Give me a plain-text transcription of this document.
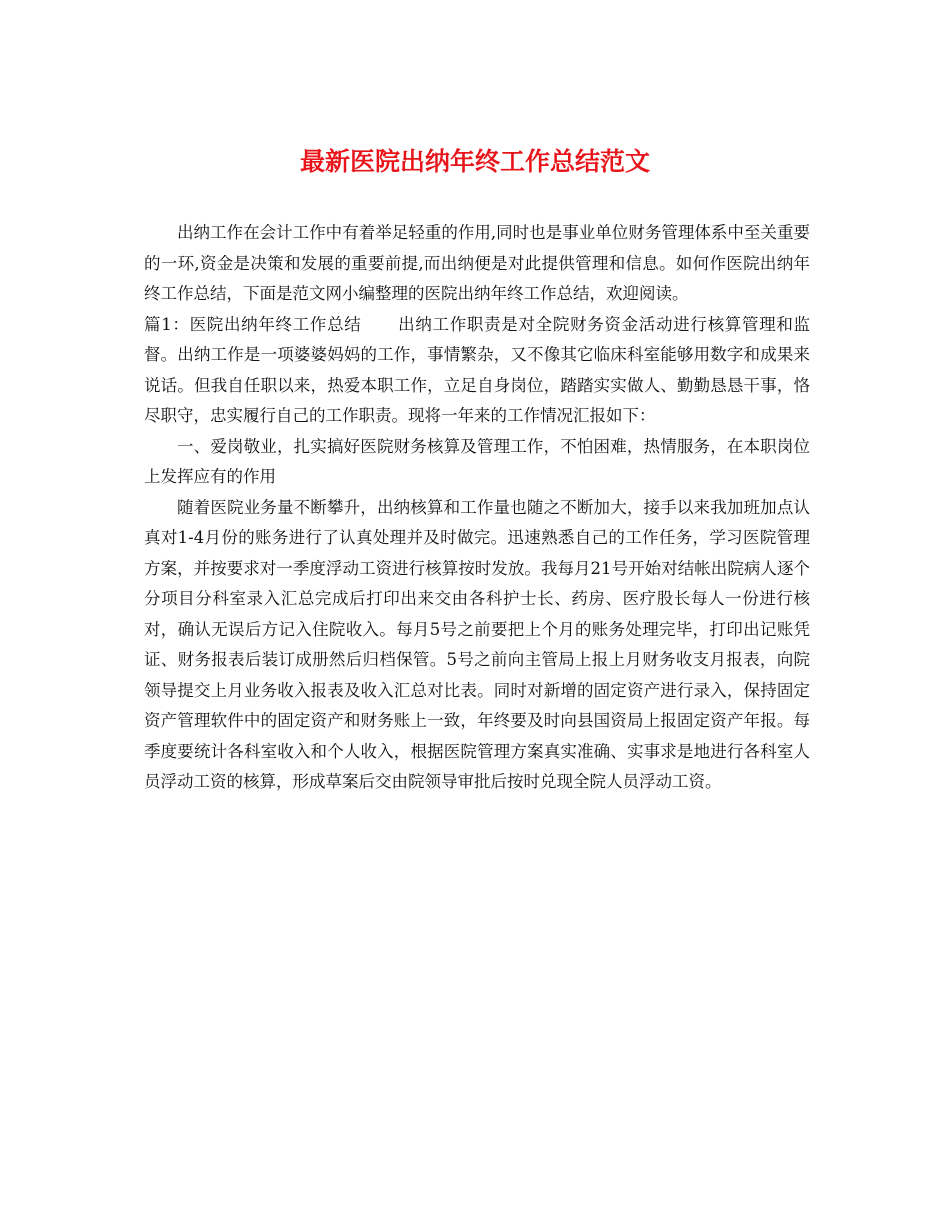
最新医院出纳年终工作总结范文

出纳工作在会计工作中有着举足轻重的作用,同时也是事业单位财务管理体系中至关重要的一环,资金是决策和发展的重要前提,而出纳便是对此提供管理和信息。如何作医院出纳年终工作总结，下面是范文网小编整理的医院出纳年终工作总结，欢迎阅读。

篇1：医院出纳年终工作总结 出纳工作职责是对全院财务资金活动进行核算管理和监督。出纳工作是一项婆婆妈妈的工作，事情繁杂，又不像其它临床科室能够用数字和成果来说话。但我自任职以来，热爱本职工作，立足自身岗位，踏踏实实做人、勤勤恳恳干事，恪尽职守，忠实履行自己的工作职责。现将一年来的工作情况汇报如下：

一、爱岗敬业，扎实搞好医院财务核算及管理工作，不怕困难，热情服务，在本职岗位上发挥应有的作用

随着医院业务量不断攀升，出纳核算和工作量也随之不断加大，接手以来我加班加点认真对1-4月份的账务进行了认真处理并及时做完。迅速熟悉自己的工作任务，学习医院管理方案，并按要求对一季度浮动工资进行核算按时发放。我每月21号开始对结帐出院病人逐个分项目分科室录入汇总完成后打印出来交由各科护士长、药房、医疗股长每人一份进行核对，确认无误后方记入住院收入。每月5号之前要把上个月的账务处理完毕，打印出记账凭证、财务报表后装订成册然后归档保管。5号之前向主管局上报上月财务收支月报表，向院领导提交上月业务收入报表及收入汇总对比表。同时对新增的固定资产进行录入，保持固定资产管理软件中的固定资产和财务账上一致，年终要及时向县国资局上报固定资产年报。每季度要统计各科室收入和个人收入，根据医院管理方案真实准确、实事求是地进行各科室人员浮动工资的核算，形成草案后交由院领导审批后按时兑现全院人员浮动工资。
